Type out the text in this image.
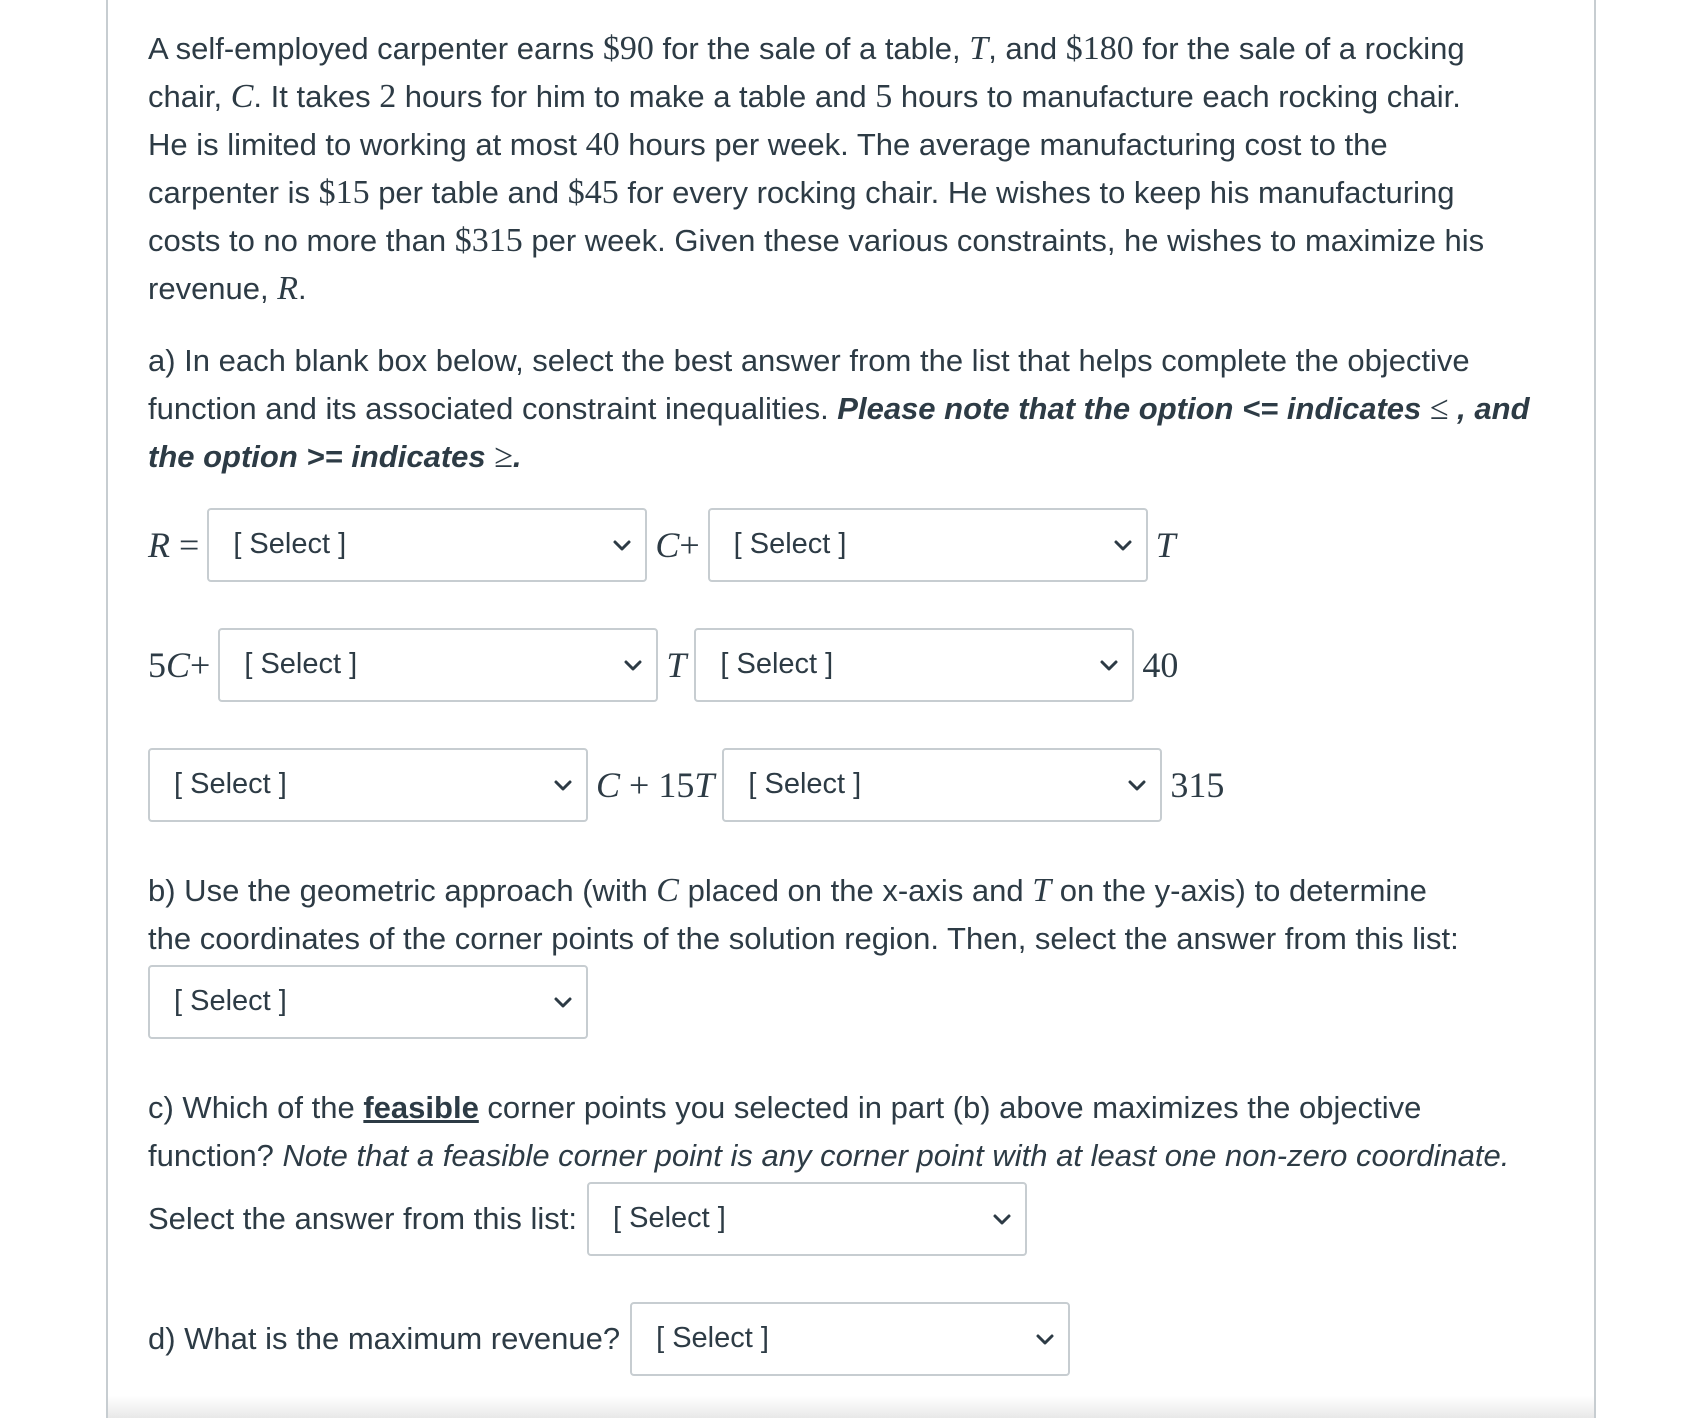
A self-employed carpenter earns $90 for the sale of a table, T, and $180 for the sale of a rocking
chair, C. It takes 2 hours for him to make a table and 5 hours to manufacture each rocking chair.
He is limited to working at most 40 hours per week. The average manufacturing cost to the
carpenter is $15 per table and $45 for every rocking chair. He wishes to keep his manufacturing
costs to no more than $315 per week. Given these various constraints, he wishes to maximize his
revenue, R.

a) In each blank box below, select the best answer from the list that helps complete the objective
function and its associated constraint inequalities. Please note that the option <= indicates ≤ , and
the option >= indicates ≥.

R = [ Select ]	C+ [ Select ]	T
5C+ [ Select ]	T [ Select ]	40
[ Select ]	C + 15T [ Select ]	315

b) Use the geometric approach (with C placed on the x-axis and T on the y-axis) to determine
the coordinates of the corner points of the solution region. Then, select the answer from this list:

[ Select ]

c) Which of the feasible corner points you selected in part (b) above maximizes the objective
function? Note that a feasible corner point is any corner point with at least one non-zero coordinate.

Select the answer from this list:	[ Select ]
d) What is the maximum revenue?	[ Select ]
